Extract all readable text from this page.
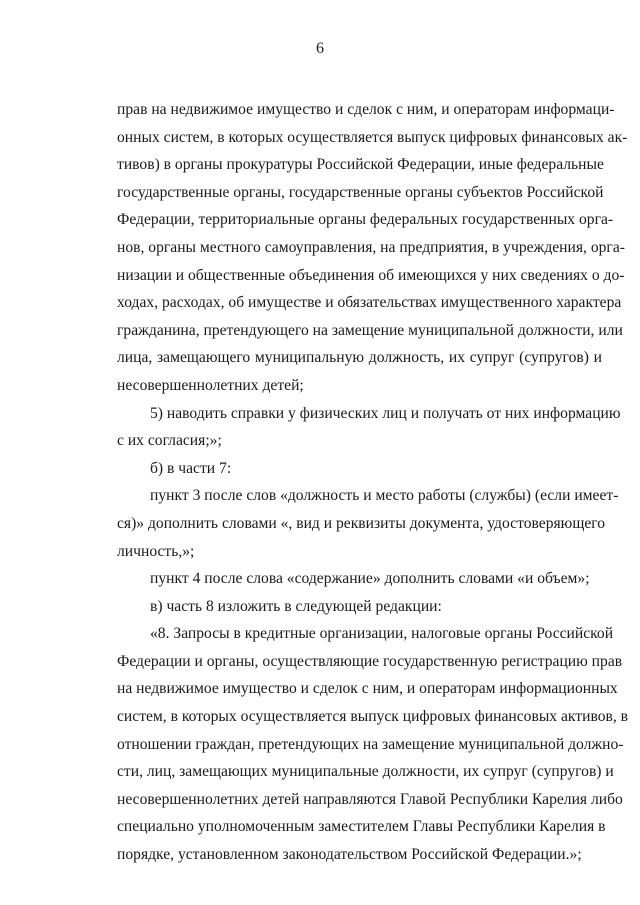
6
прав на недвижимое имущество и сделок с ним, и операторам информаци-
онных систем, в которых осуществляется выпуск цифровых финансовых ак-
тивов) в органы прокуратуры Российской Федерации, иные федеральные
государственные органы, государственные органы субъектов Российской
Федерации, территориальные органы федеральных государственных орга-
нов, органы местного самоуправления, на предприятия, в учреждения, орга-
низации и общественные объединения об имеющихся у них сведениях о до-
ходах, расходах, об имуществе и обязательствах имущественного характера
гражданина, претендующего на замещение муниципальной должности, или
лица, замещающего муниципальную должность, их супруг (супругов) и
несовершеннолетних детей;
5) наводить справки у физических лиц и получать от них информацию
с их согласия;»;
б) в части 7:
пункт 3 после слов «должность и место работы (службы) (если имеет-
ся)» дополнить словами «, вид и реквизиты документа, удостоверяющего
личность,»;
пункт 4 после слова «содержание» дополнить словами «и объем»;
в) часть 8 изложить в следующей редакции:
«8. Запросы в кредитные организации, налоговые органы Российской
Федерации и органы, осуществляющие государственную регистрацию прав
на недвижимое имущество и сделок с ним, и операторам информационных
систем, в которых осуществляется выпуск цифровых финансовых активов, в
отношении граждан, претендующих на замещение муниципальной должно-
сти, лиц, замещающих муниципальные должности, их супруг (супругов) и
несовершеннолетних детей направляются Главой Республики Карелия либо
специально уполномоченным заместителем Главы Республики Карелия в
порядке, установленном законодательством Российской Федерации.»;
